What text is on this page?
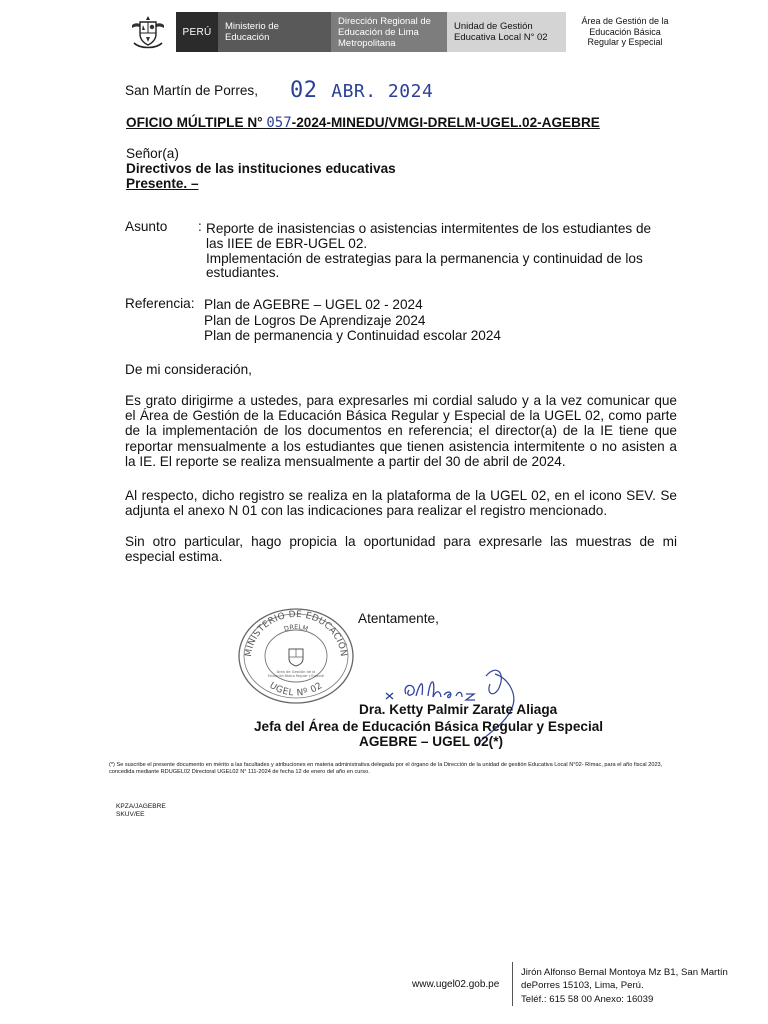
PERÚ	Ministerio de
Educación
Dirección Regional de
Educación de Lima
Metropolitana
Unidad de Gestión
Educativa Local N° 02
Área de Gestión de la
Educación Básica
Regular y Especial
San Martín de Porres, 02 ABR. 2024
OFICIO MÚLTIPLE N° 057-2024-MINEDU/VMGI-DRELM-UGEL.02-AGEBRE
Señor(a)
Directivos de las instituciones educativas
Presente. –
Asunto : Reporte de inasistencias o asistencias intermitentes de los estudiantes de
las IIEE de EBR-UGEL 02.
Implementación de estrategias para la permanencia y continuidad de los
estudiantes.
Referencia: Plan de AGEBRE – UGEL 02 - 2024
Plan de Logros De Aprendizaje 2024
Plan de permanencia y Continuidad escolar 2024
De mi consideración,
Es grato dirigirme a ustedes, para expresarles mi cordial saludo y a la vez comunicar que el Área de Gestión de la Educación Básica Regular y Especial de la UGEL 02, como parte de la implementación de los documentos en referencia; el director(a) de la IE tiene que reportar mensualmente a los estudiantes que tienen asistencia intermitente o no asisten a la IE. El reporte se realiza mensualmente a partir del 30 de abril de 2024.
Al respecto, dicho registro se realiza en la plataforma de la UGEL 02, en el icono SEV. Se adjunta el anexo N 01 con las indicaciones para realizar el registro mencionado.
Sin otro particular, hago propicia la oportunidad para expresarle las muestras de mi especial estima.
Atentamente,
MINISTERIO DE EDUCACIÓN
UGEL Nº 02
DRELM
Área de Gestión de la
Educación Básica Regular y Especial
Dra. Ketty Palmir Zarate Aliaga
Jefa del Área de Educación Básica Regular y Especial
AGEBRE – UGEL 02(*)
(*) Se suscribe el presente documento en mérito a las facultades y atribuciones en materia administrativa delegada por el órgano de la Dirección de la unidad de gestión Educativa Local N°02- Rímac, para el año fiscal 2023,
concedida mediante RDUGEL02 Directoral UGEL02 N° 111-2024 de fecha 12 de enero del año en curso.
KPZA/JAGEBRE
SKUV/EE
www.ugel02.gob.pe
Jirón Alfonso Bernal Montoya Mz B1, San Martín
dePorres 15103, Lima, Perú.
Teléf.: 615 58 00 Anexo: 16039
